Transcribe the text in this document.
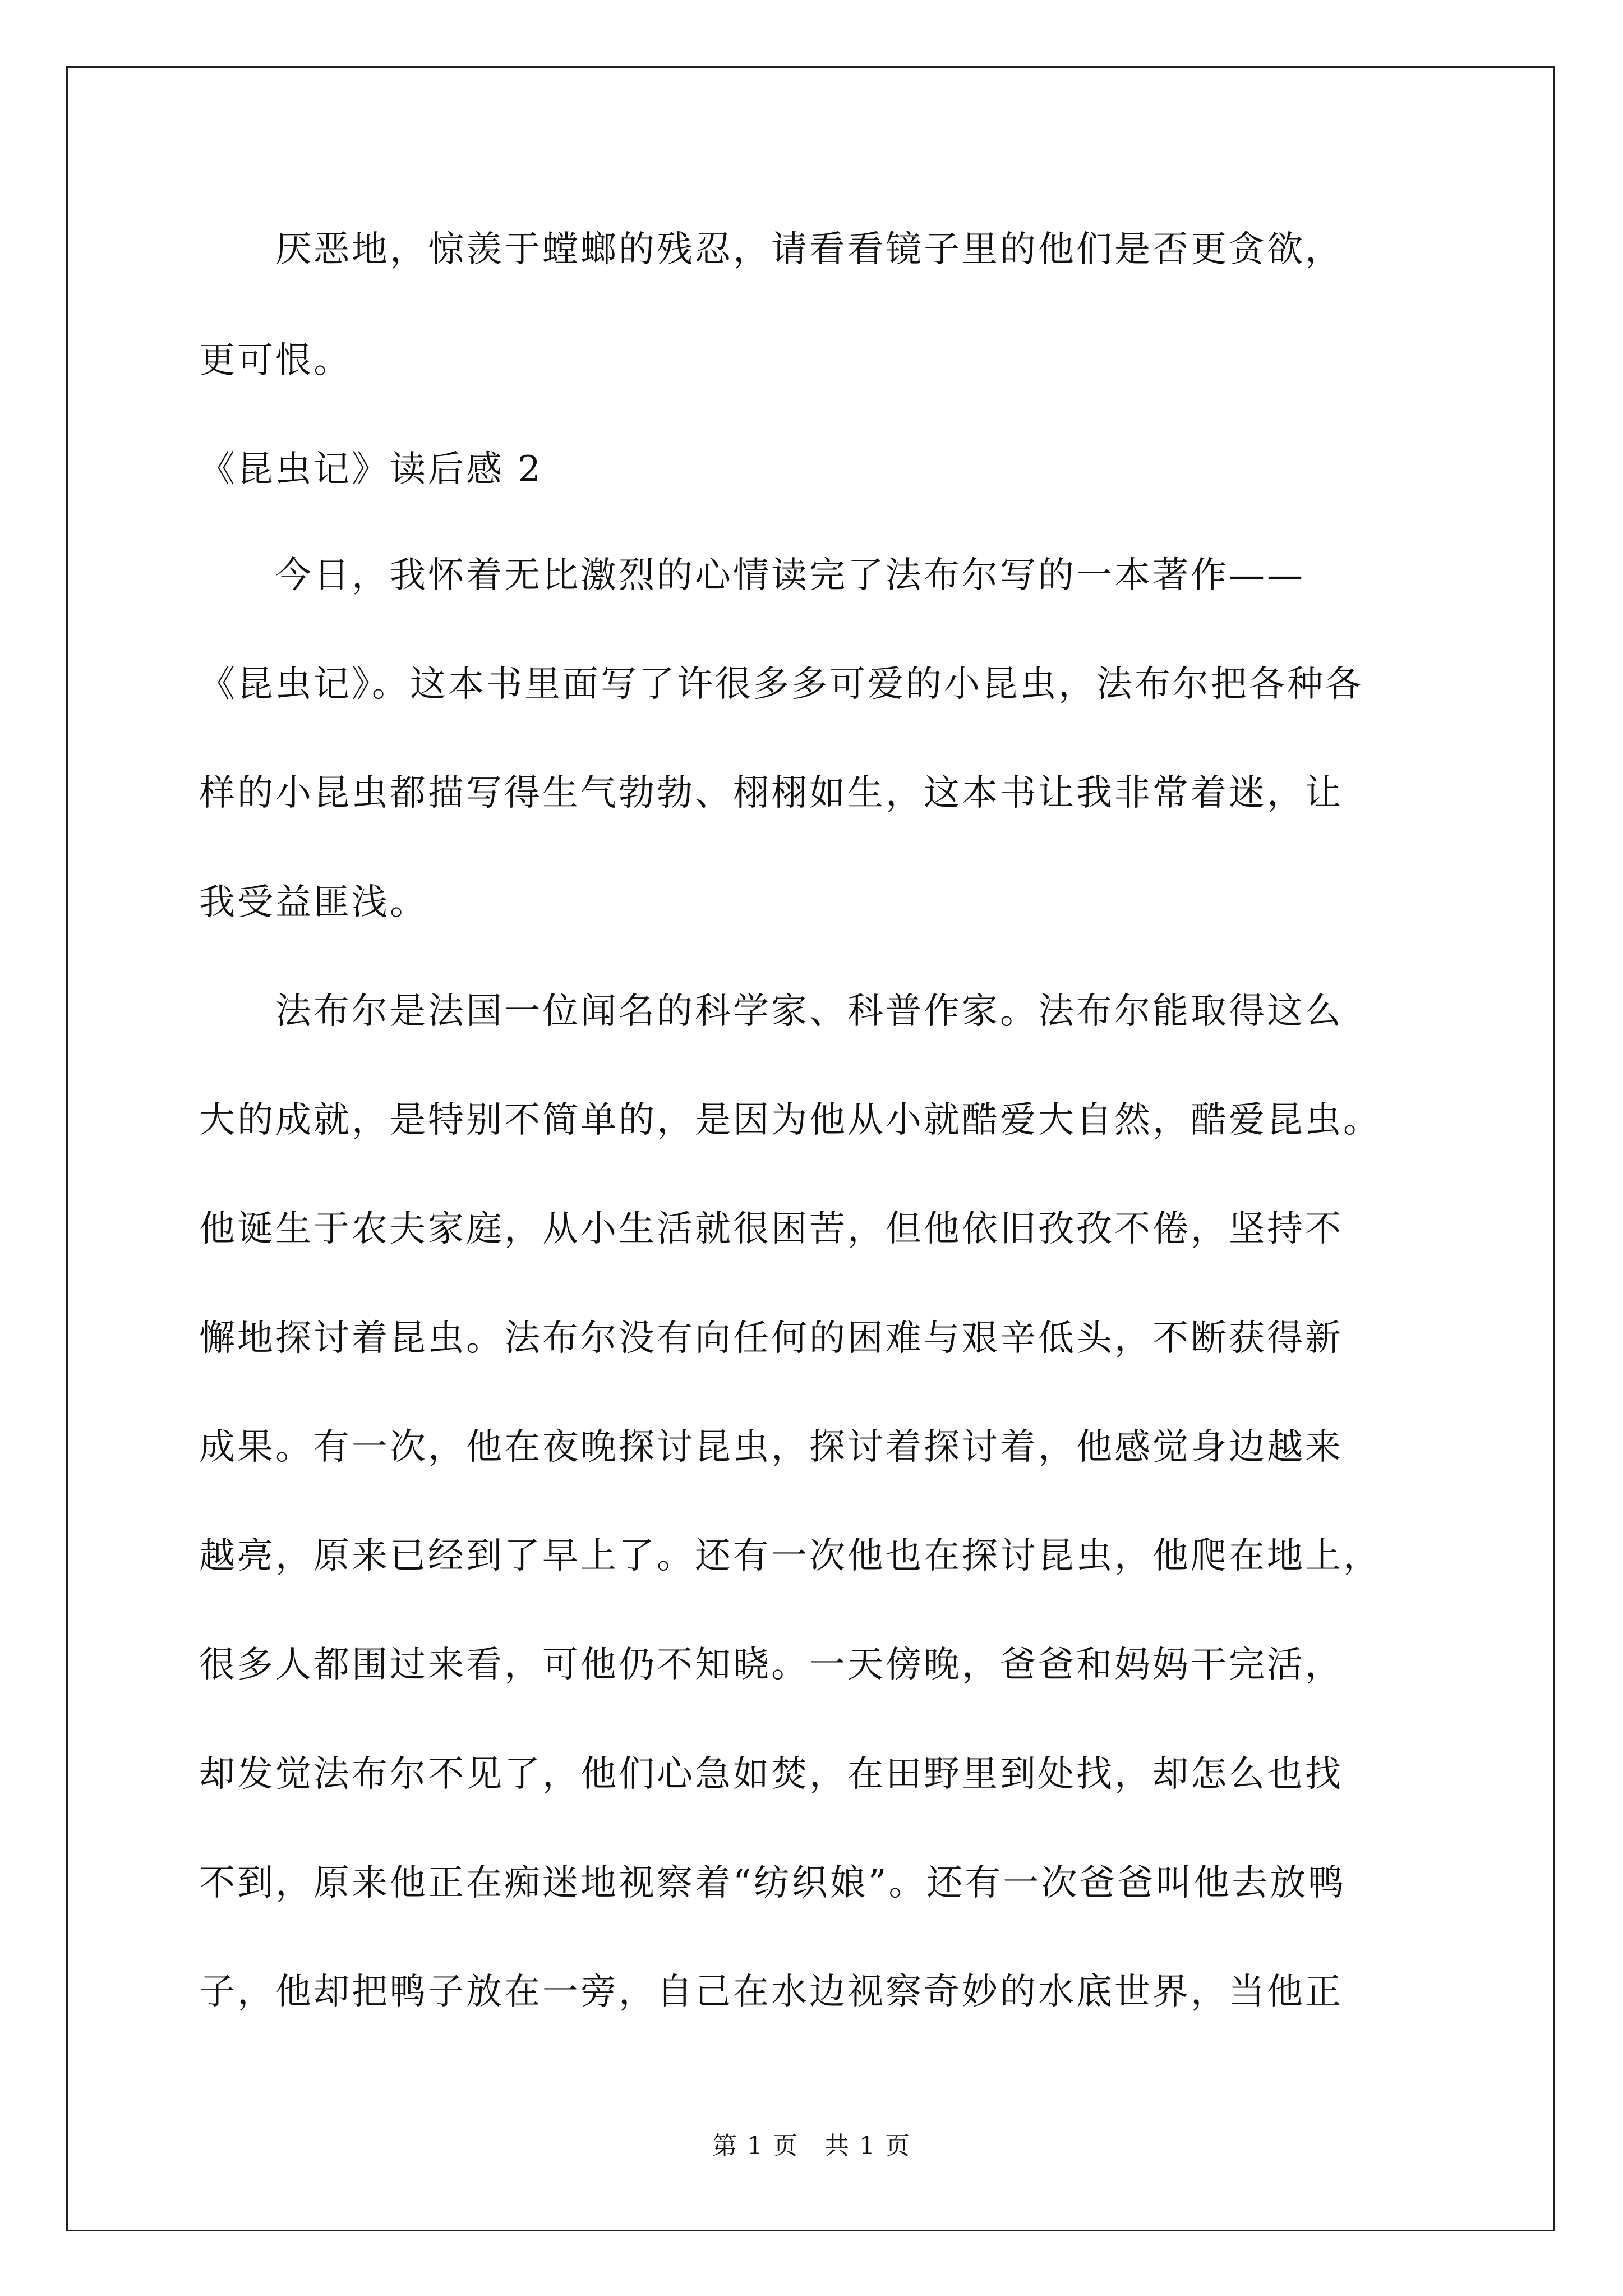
　　厌恶地，惊羡于螳螂的残忍，请看看镜子里的他们是否更贪欲，
更可恨。
《昆虫记》读后感 2
　　今日，我怀着无比激烈的心情读完了法布尔写的一本著作——
《昆虫记》。这本书里面写了许很多多可爱的小昆虫，法布尔把各种各
样的小昆虫都描写得生气勃勃、栩栩如生，这本书让我非常着迷，让
我受益匪浅。
　　法布尔是法国一位闻名的科学家、科普作家。法布尔能取得这么
大的成就，是特别不简单的，是因为他从小就酷爱大自然，酷爱昆虫。
他诞生于农夫家庭，从小生活就很困苦，但他依旧孜孜不倦，坚持不
懈地探讨着昆虫。法布尔没有向任何的困难与艰辛低头，不断获得新
成果。有一次，他在夜晚探讨昆虫，探讨着探讨着，他感觉身边越来
越亮，原来已经到了早上了。还有一次他也在探讨昆虫，他爬在地上，
很多人都围过来看，可他仍不知晓。一天傍晚，爸爸和妈妈干完活，
却发觉法布尔不见了，他们心急如焚，在田野里到处找，却怎么也找
不到，原来他正在痴迷地视察着“纺织娘”。还有一次爸爸叫他去放鸭
子，他却把鸭子放在一旁，自己在水边视察奇妙的水底世界，当他正
第 1 页　共 1 页
